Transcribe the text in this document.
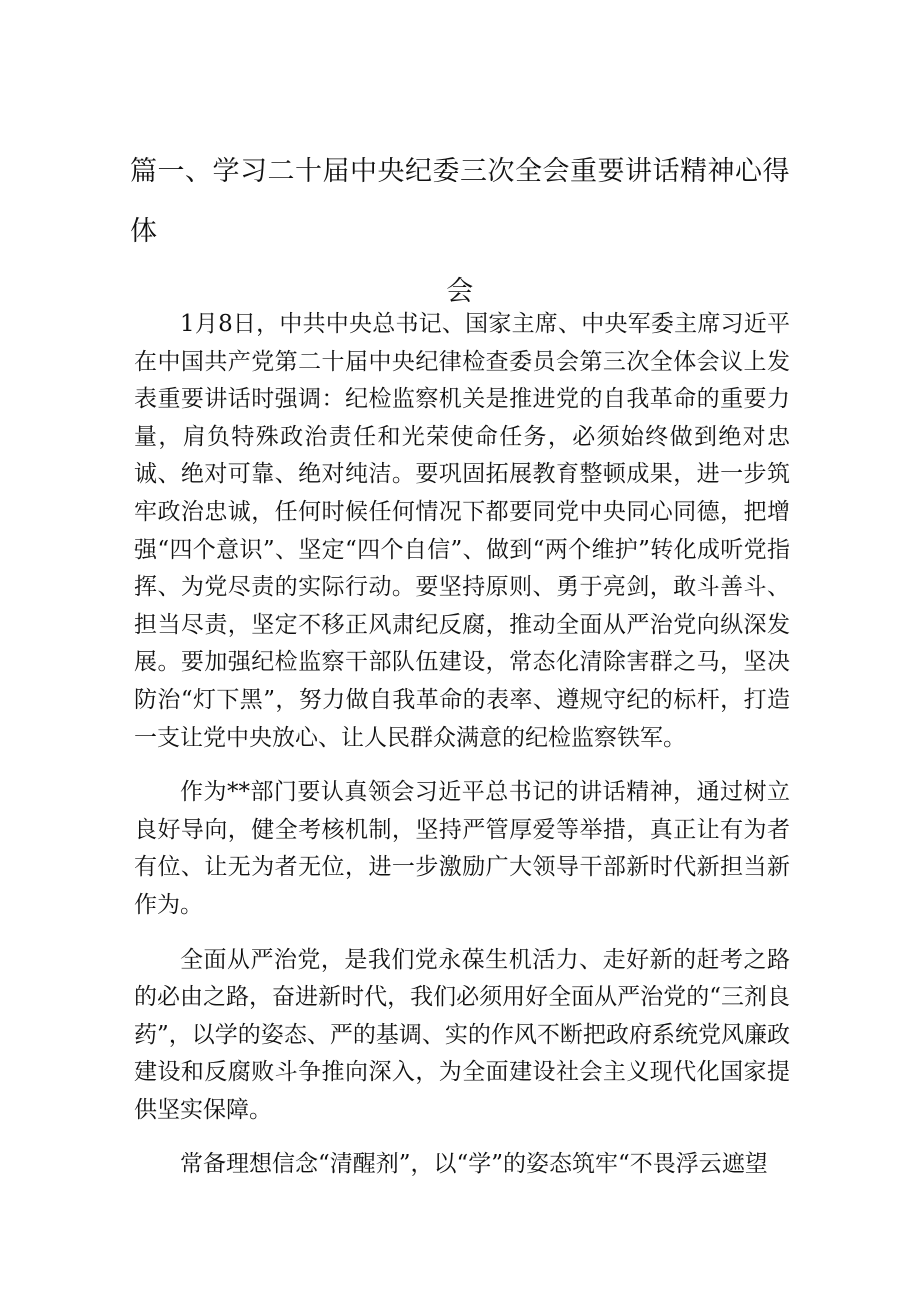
篇一、学习二十届中央纪委三次全会重要讲话精神心得体
会

1月8日，中共中央总书记、国家主席、中央军委主席习近平在中国共产党第二十届中央纪律检查委员会第三次全体会议上发表重要讲话时强调：纪检监察机关是推进党的自我革命的重要力量，肩负特殊政治责任和光荣使命任务，必须始终做到绝对忠诚、绝对可靠、绝对纯洁。要巩固拓展教育整顿成果，进一步筑牢政治忠诚，任何时候任何情况下都要同党中央同心同德，把增强“四个意识”、坚定“四个自信”、做到“两个维护”转化成听党指挥、为党尽责的实际行动。要坚持原则、勇于亮剑，敢斗善斗、担当尽责，坚定不移正风肃纪反腐，推动全面从严治党向纵深发展。要加强纪检监察干部队伍建设，常态化清除害群之马，坚决防治“灯下黑”，努力做自我革命的表率、遵规守纪的标杆，打造一支让党中央放心、让人民群众满意的纪检监察铁军。

作为**部门要认真领会习近平总书记的讲话精神，通过树立良好导向，健全考核机制，坚持严管厚爱等举措，真正让有为者有位、让无为者无位，进一步激励广大领导干部新时代新担当新作为。

全面从严治党，是我们党永葆生机活力、走好新的赶考之路的必由之路，奋进新时代，我们必须用好全面从严治党的“三剂良药”，以学的姿态、严的基调、实的作风不断把政府系统党风廉政建设和反腐败斗争推向深入，为全面建设社会主义现代化国家提供坚实保障。

常备理想信念“清醒剂”，以“学”的姿态筑牢“不畏浮云遮望
